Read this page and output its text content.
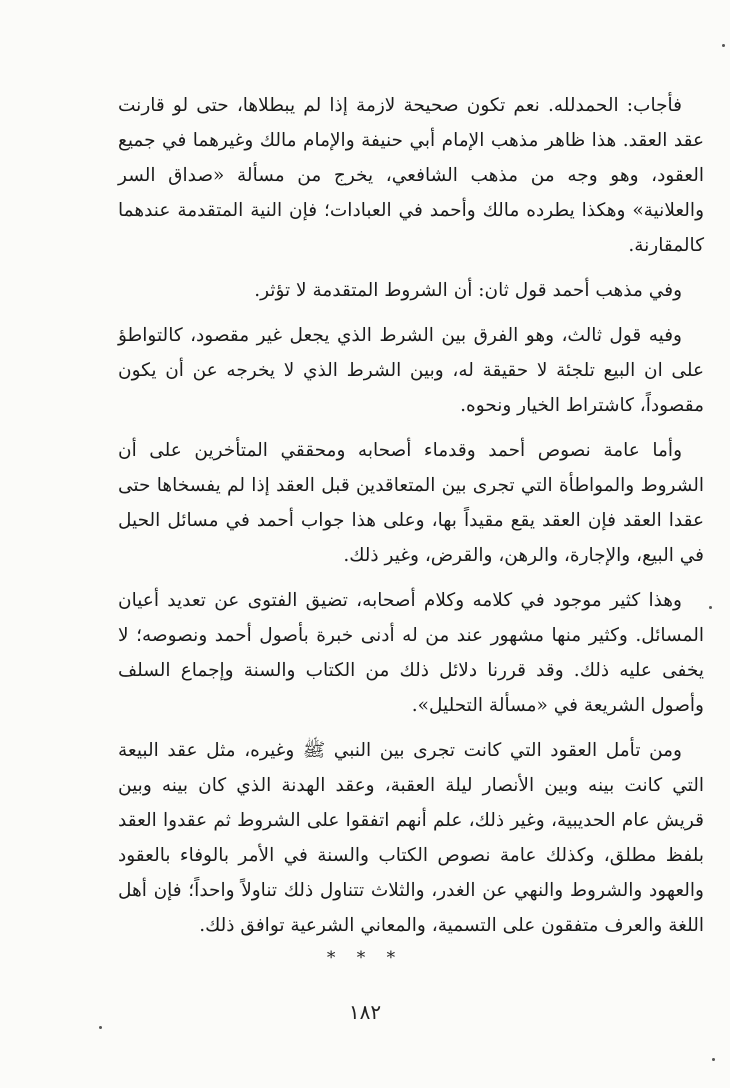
فأجاب: الحمدلله. نعم تكون صحيحة لازمة إذا لم يبطلاها، حتى لو قارنت عقد العقد. هذا ظاهر مذهب الإمام أبي حنيفة والإمام مالك وغيرهما في جميع العقود، وهو وجه من مذهب الشافعي، يخرج من مسألة «صداق السر والعلانية» وهكذا يطرده مالك وأحمد في العبادات؛ فإن النية المتقدمة عندهما كالمقارنة.

وفي مذهب أحمد قول ثان: أن الشروط المتقدمة لا تؤثر.

وفيه قول ثالث، وهو الفرق بين الشرط الذي يجعل غير مقصود، كالتواطؤ على ان البيع تلجئة لا حقيقة له، وبين الشرط الذي لا يخرجه عن أن يكون مقصوداً، كاشتراط الخيار ونحوه.

وأما عامة نصوص أحمد وقدماء أصحابه ومحققي المتأخرين على أن الشروط والمواطأة التي تجرى بين المتعاقدين قبل العقد إذا لم يفسخاها حتى عقدا العقد فإن العقد يقع مقيداً بها، وعلى هذا جواب أحمد في مسائل الحيل في البيع، والإجارة، والرهن، والقرض، وغير ذلك.

وهذا كثير موجود في كلامه وكلام أصحابه، تضيق الفتوى عن تعديد أعيان المسائل. وكثير منها مشهور عند من له أدنى خبرة بأصول أحمد ونصوصه؛ لا يخفى عليه ذلك. وقد قررنا دلائل ذلك من الكتاب والسنة وإجماع السلف وأصول الشريعة في «مسألة التحليل».

ومن تأمل العقود التي كانت تجرى بين النبي ﷺ وغيره، مثل عقد البيعة التي كانت بينه وبين الأنصار ليلة العقبة، وعقد الهدنة الذي كان بينه وبين قريش عام الحديبية، وغير ذلك، علم أنهم اتفقوا على الشروط ثم عقدوا العقد بلفظ مطلق، وكذلك عامة نصوص الكتاب والسنة في الأمر بالوفاء بالعقود والعهود والشروط والنهي عن الغدر، والثلاث تتناول ذلك تناولاً واحداً؛ فإن أهل اللغة والعرف متفقون على التسمية، والمعاني الشرعية توافق ذلك.

* * *
١٨٢
